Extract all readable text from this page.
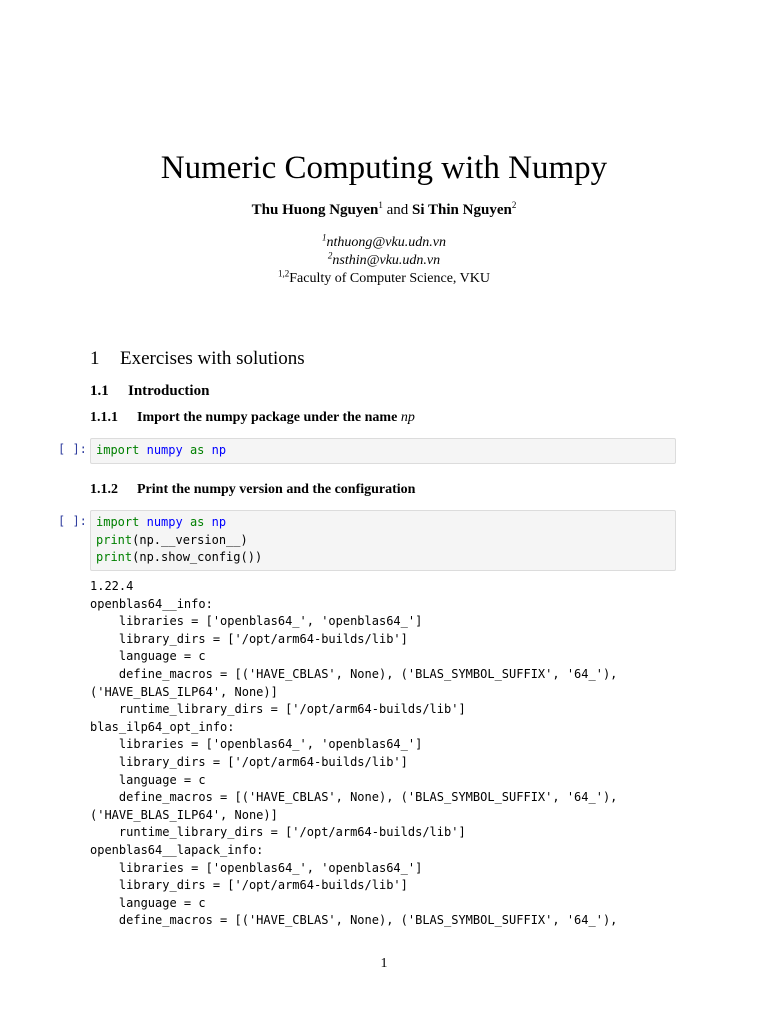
Numeric Computing with Numpy
Thu Huong Nguyen$^1$ and Si Thin Nguyen$^2$
$^1$nthuong@vku.udn.vn
$^2$nsthin@vku.udn.vn
$^{1,2}$Faculty of Computer Science, VKU
1 Exercises with solutions
1.1 Introduction
1.1.1 Import the numpy package under the name np
[ ]: import numpy as np
1.1.2 Print the numpy version and the configuration
[ ]: import numpy as np
print(np.__version__)
print(np.show_config())
1.22.4
openblas64__info:
libraries = ['openblas64_', 'openblas64_']
library_dirs = ['/opt/arm64-builds/lib']
language = c
define_macros = [('HAVE_CBLAS', None), ('BLAS_SYMBOL_SUFFIX', '64_'),
('HAVE_BLAS_ILP64', None)]
runtime_library_dirs = ['/opt/arm64-builds/lib']
blas_ilp64_opt_info:
libraries = ['openblas64_', 'openblas64_']
library_dirs = ['/opt/arm64-builds/lib']
language = c
define_macros = [('HAVE_CBLAS', None), ('BLAS_SYMBOL_SUFFIX', '64_'),
('HAVE_BLAS_ILP64', None)]
runtime_library_dirs = ['/opt/arm64-builds/lib']
openblas64__lapack_info:
libraries = ['openblas64_', 'openblas64_']
library_dirs = ['/opt/arm64-builds/lib']
language = c
define_macros = [('HAVE_CBLAS', None), ('BLAS_SYMBOL_SUFFIX', '64_'),
1
